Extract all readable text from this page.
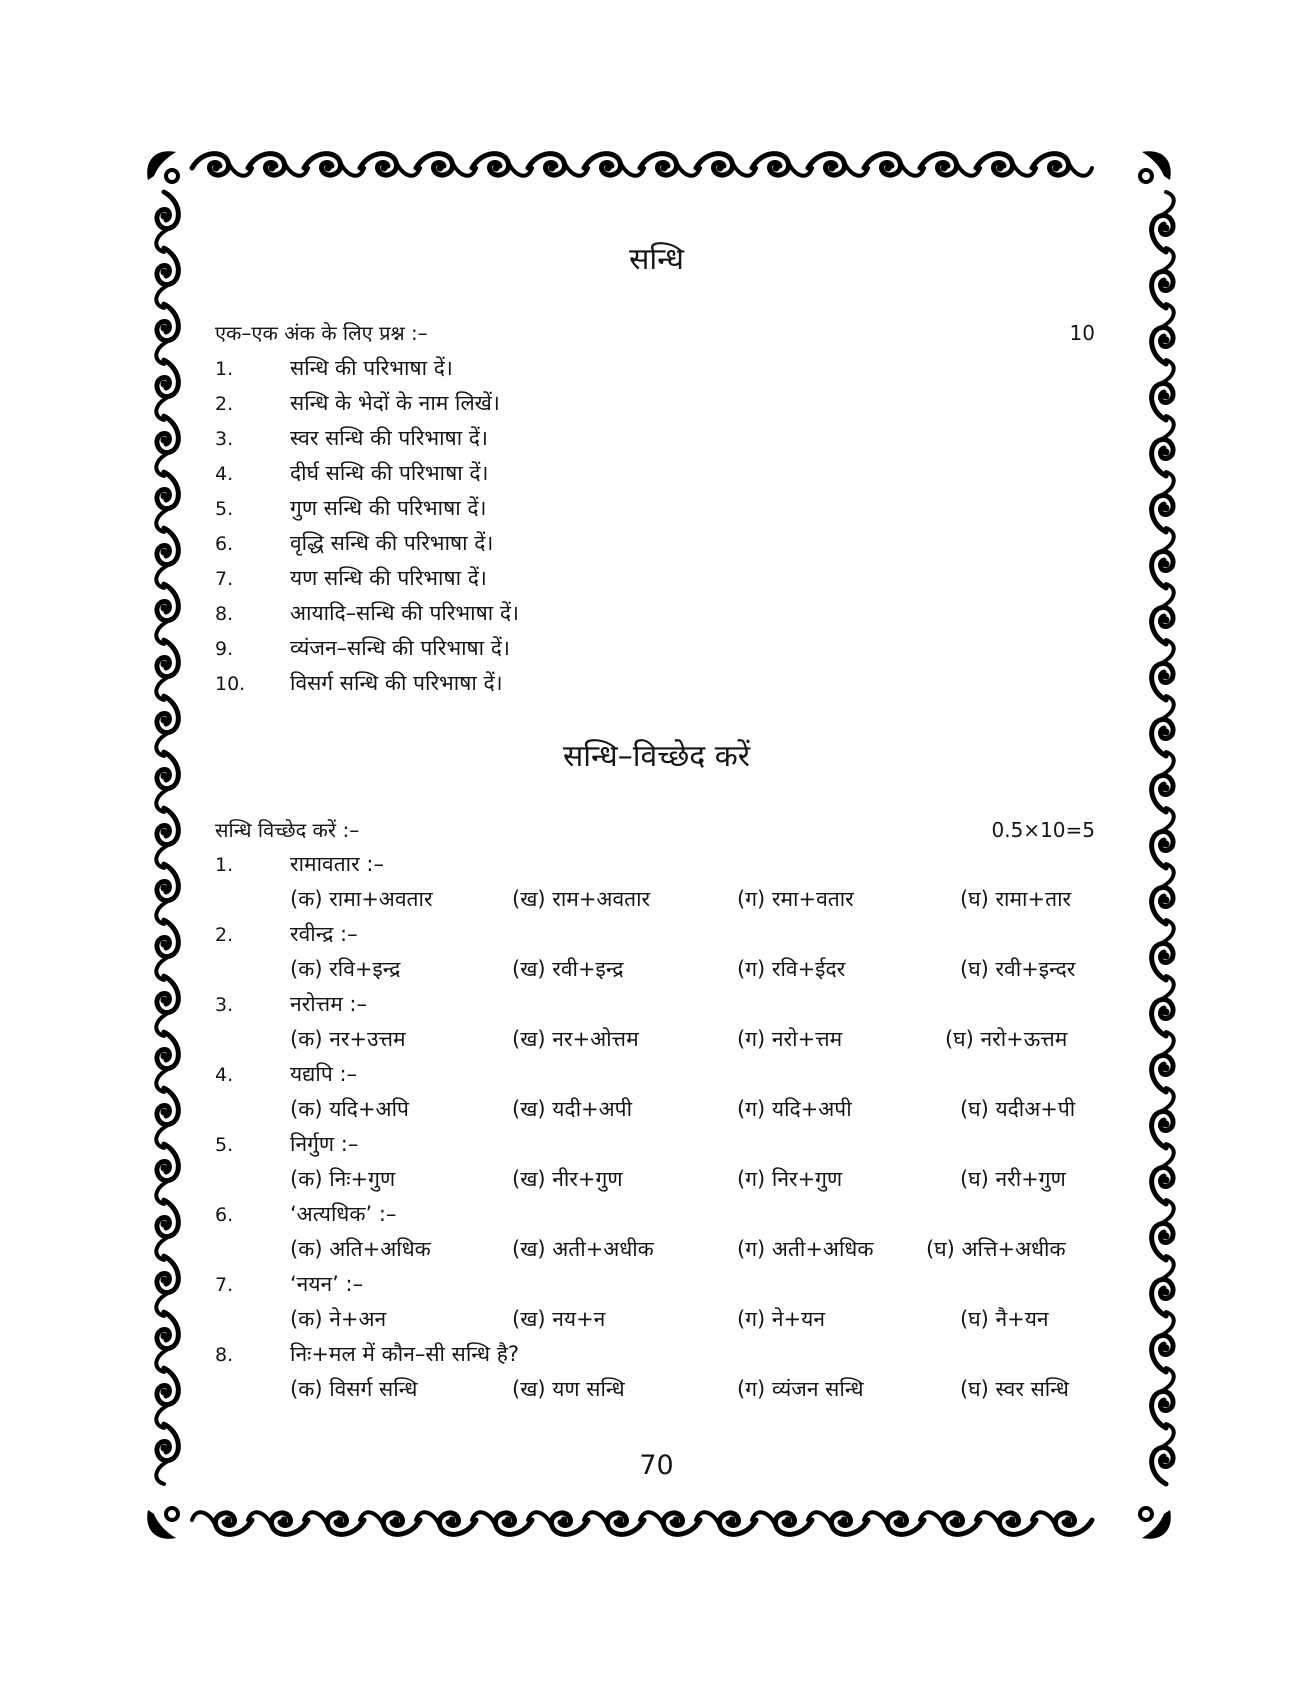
सन्धि
एक–एक अंक के लिए प्रश्न :–	10
1.	सन्धि की परिभाषा दें।
2.	सन्धि के भेदों के नाम लिखें।
3.	स्वर सन्धि की परिभाषा दें।
4.	दीर्घ सन्धि की परिभाषा दें।
5.	गुण सन्धि की परिभाषा दें।
6.	वृद्धि सन्धि की परिभाषा दें।
7.	यण सन्धि की परिभाषा दें।
8.	आयादि–सन्धि की परिभाषा दें।
9.	व्यंजन–सन्धि की परिभाषा दें।
10. विसर्ग सन्धि की परिभाषा दें।
सन्धि–विच्छेद करें
सन्धि विच्छेद करें :–	0.5×10=5
1.	रामावतार :–
(क) रामा+अवतार	(ख) राम+अवतार	(ग) रमा+वतार	(घ) रामा+तार
2.	रवीन्द्र :–
(क) रवि+इन्द्र	(ख) रवी+इन्द्र	(ग) रवि+ईदर	(घ) रवी+इन्दर
3.	नरोत्तम :–
(क) नर+उत्तम	(ख) नर+ओत्तम	(ग) नरो+त्तम	(घ) नरो+ऊत्तम
4.	यद्यपि :–
(क) यदि+अपि	(ख) यदी+अपी	(ग) यदि+अपी	(घ) यदीअ+पी
5.	निर्गुण :–
(क) निः+गुण	(ख) नीर+गुण	(ग) निर+गुण	(घ) नरी+गुण
6.	‘अत्यधिक’ :–
(क) अति+अधिक	(ख) अती+अधीक	(ग) अती+अधिक	(घ) अत्ति+अधीक
7.	‘नयन’ :–
(क) ने+अन	(ख) नय+न	(ग) ने+यन	(घ) नै+यन
8.	निः+मल में कौन–सी सन्धि है?
(क) विसर्ग सन्धि	(ख) यण सन्धि	(ग) व्यंजन सन्धि	(घ) स्वर सन्धि
70
